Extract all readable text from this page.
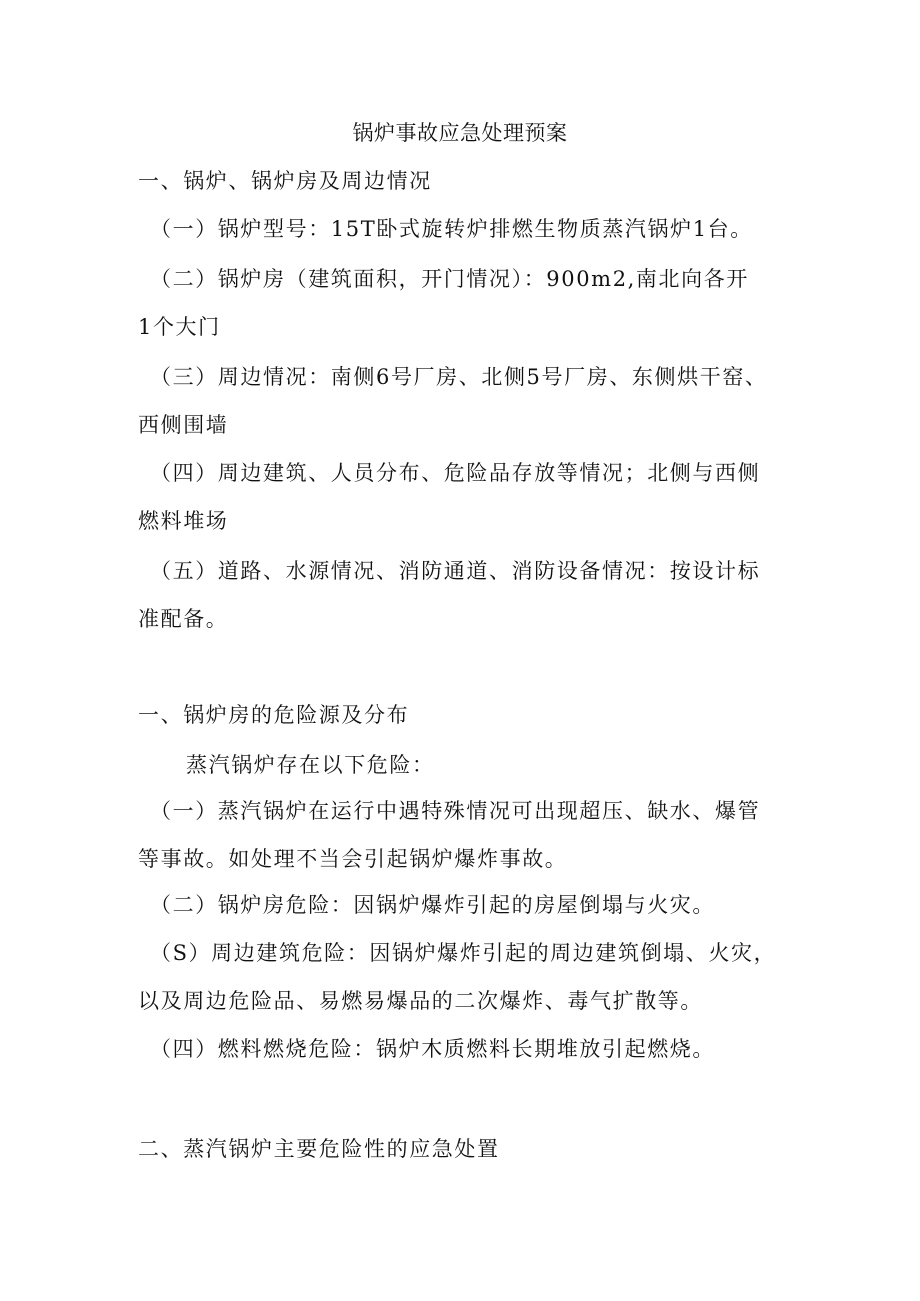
锅炉事故应急处理预案
一、锅炉、锅炉房及周边情况
（一）锅炉型号：15T卧式旋转炉排燃生物质蒸汽锅炉1台。
（二）锅炉房（建筑面积，开门情况）：900m2,南北向各开
1个大门
（三）周边情况：南侧6号厂房、北侧5号厂房、东侧烘干窑、
西侧围墙
（四）周边建筑、人员分布、危险品存放等情况；北侧与西侧
燃料堆场
（五）道路、水源情况、消防通道、消防设备情况：按设计标
准配备。
一、锅炉房的危险源及分布
蒸汽锅炉存在以下危险：
（一）蒸汽锅炉在运行中遇特殊情况可出现超压、缺水、爆管
等事故。如处理不当会引起锅炉爆炸事故。
（二）锅炉房危险：因锅炉爆炸引起的房屋倒塌与火灾。
（S）周边建筑危险：因锅炉爆炸引起的周边建筑倒塌、火灾，
以及周边危险品、易燃易爆品的二次爆炸、毒气扩散等。
（四）燃料燃烧危险：锅炉木质燃料长期堆放引起燃烧。
二、蒸汽锅炉主要危险性的应急处置
